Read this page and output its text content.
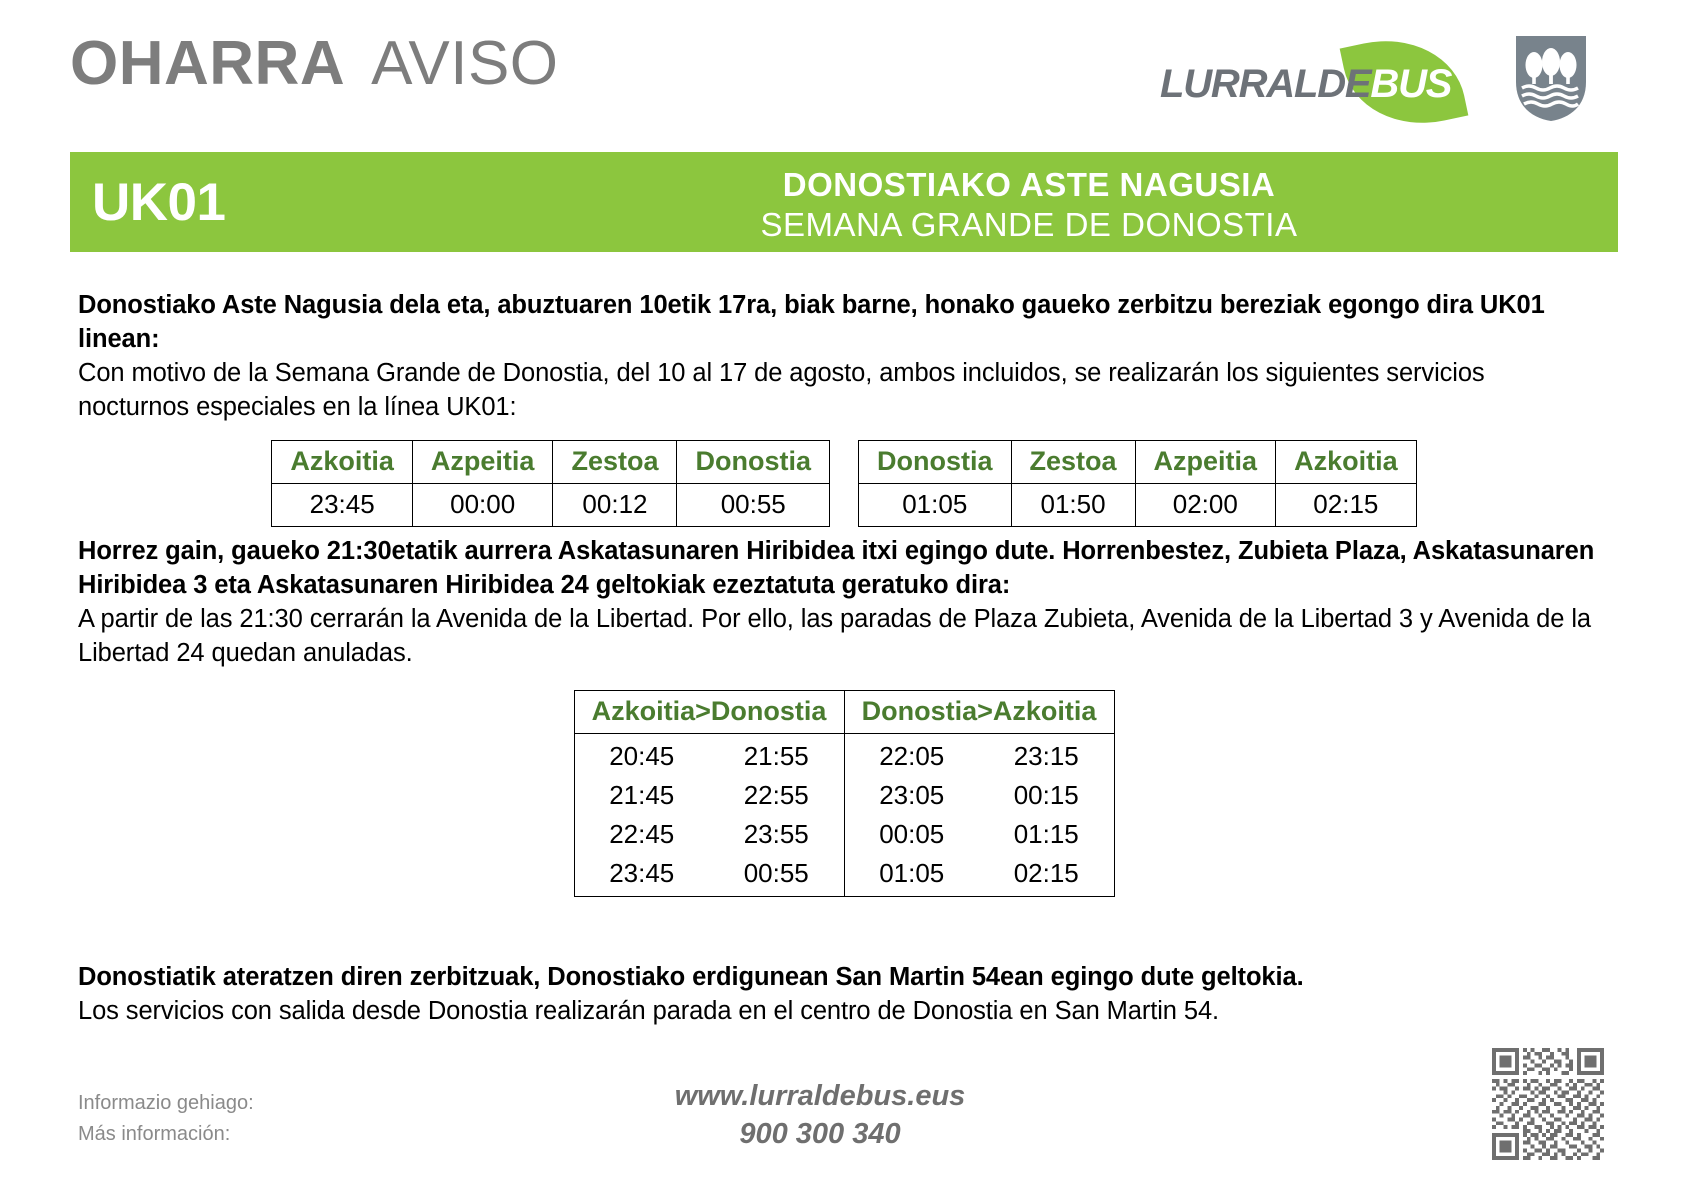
OHARRA AVISO	LURRALDEBUS
UK01	DONOSTIAKO ASTE NAGUSIA
SEMANA GRANDE DE DONOSTIA
Donostiako Aste Nagusia dela eta, abuztuaren 10etik 17ra, biak barne, honako gaueko zerbitzu bereziak egongo dira UK01 linean:
Con motivo de la Semana Grande de Donostia, del 10 al 17 de agosto, ambos incluidos, se realizarán los siguientes servicios nocturnos especiales en la línea UK01:
Azkoitia	Azpeitia	Zestoa	Donostia
23:45	00:00	00:12	00:55
Donostia	Zestoa	Azpeitia	Azkoitia
01:05	01:50	02:00	02:15
Horrez gain, gaueko 21:30etatik aurrera Askatasunaren Hiribidea itxi egingo dute. Horrenbestez, Zubieta Plaza, Askatasunaren Hiribidea 3 eta Askatasunaren Hiribidea 24 geltokiak ezeztatuta geratuko dira:
A partir de las 21:30 cerrarán la Avenida de la Libertad. Por ello, las paradas de Plaza Zubieta, Avenida de la Libertad 3 y Avenida de la Libertad 24 quedan anuladas.
Azkoitia>Donostia		Donostia>Azkoitia	
20:45	21:55	22:05	23:15
21:45	22:55	23:05	00:15
22:45	23:55	00:05	01:15
23:45	00:55	01:05	02:15
Donostiatik ateratzen diren zerbitzuak, Donostiako erdigunean San Martin 54ean egingo dute geltokia.
Los servicios con salida desde Donostia realizarán parada en el centro de Donostia en San Martin 54.
Informazio gehiago:
Más información:
www.lurraldebus.eus
900 300 340
